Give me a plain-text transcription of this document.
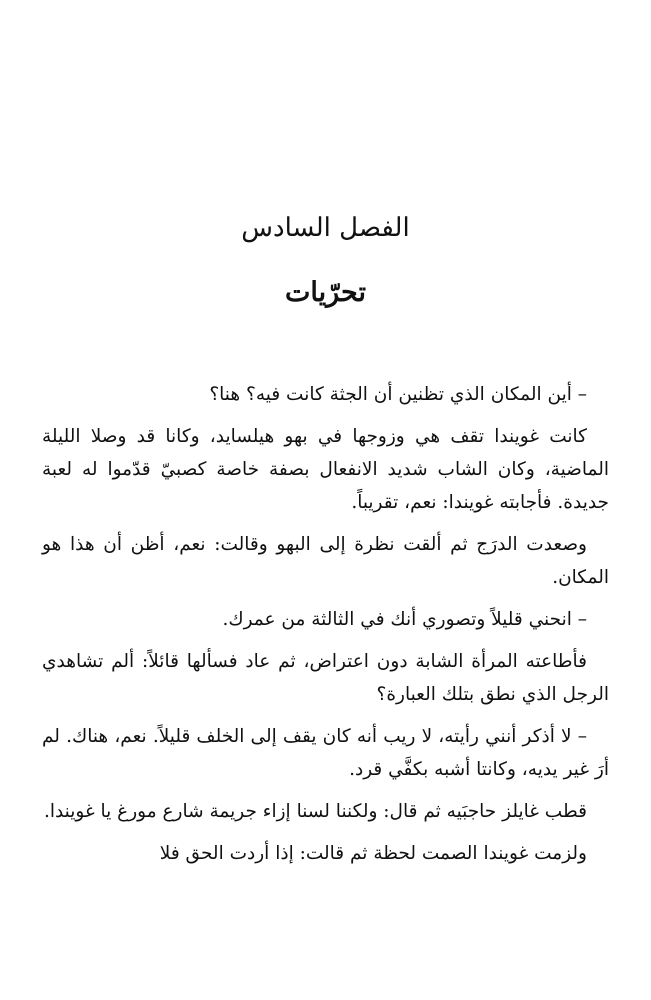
الفصل السادس
تحرّيات

– أين المكان الذي تظنين أن الجثة كانت فيه؟ هنا؟

كانت غويندا تقف هي وزوجها في بهو هيلسايد، وكانا قد وصلا الليلة الماضية، وكان الشاب شديد الانفعال بصفة خاصة كصبيّ قدّموا له لعبة جديدة. فأجابته غويندا: نعم، تقريباً.

وصعدت الدرَج ثم ألقت نظرة إلى البهو وقالت: نعم، أظن أن هذا هو المكان.

– انحني قليلاً وتصوري أنك في الثالثة من عمرك.

فأطاعته المرأة الشابة دون اعتراض، ثم عاد فسألها قائلاً: ألم تشاهدي الرجل الذي نطق بتلك العبارة؟

– لا أذكر أنني رأيته، لا ريب أنه كان يقف إلى الخلف قليلاً. نعم، هناك. لم أرَ غير يديه، وكانتا أشبه بكفَّي قرد.

قطب غايلز حاجبَيه ثم قال: ولكننا لسنا إزاء جريمة شارع مورغ يا غويندا.

ولزمت غويندا الصمت لحظة ثم قالت: إذا أردت الحق فلا
